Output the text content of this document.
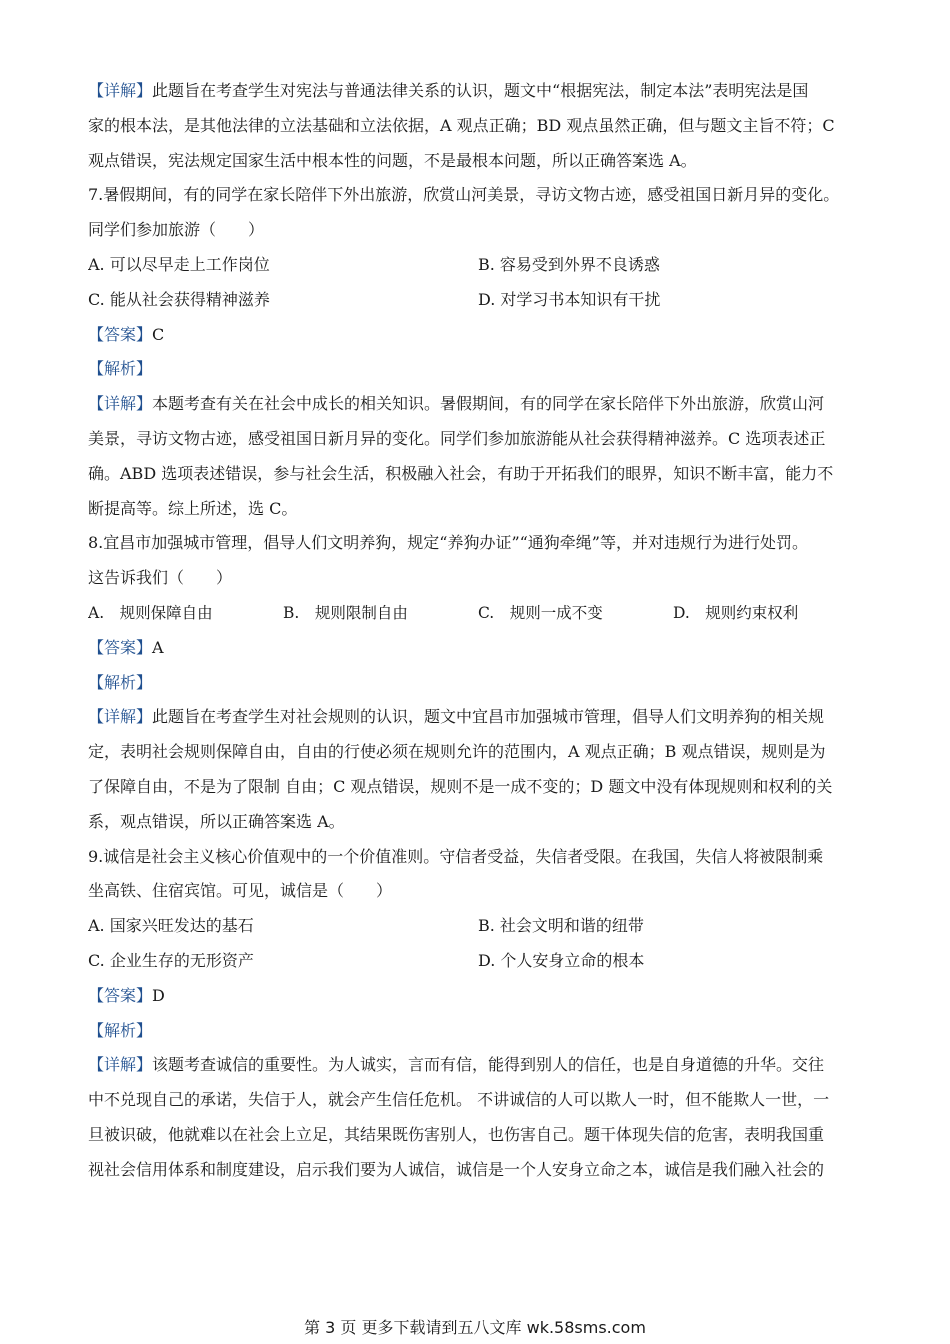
【详解】此题旨在考查学生对宪法与普通法律关系的认识，题文中“根据宪法，制定本法”表明宪法是国
家的根本法，是其他法律的立法基础和立法依据，A 观点正确；BD 观点虽然正确，但与题文主旨不符；C
观点错误，宪法规定国家生活中根本性的问题，不是最根本问题，所以正确答案选 A。
7.暑假期间，有的同学在家长陪伴下外出旅游，欣赏山河美景，寻访文物古迹，感受祖国日新月异的变化。
同学们参加旅游（　　）
A. 可以尽早走上工作岗位	B. 容易受到外界不良诱惑
C. 能从社会获得精神滋养	D. 对学习书本知识有干扰
【答案】C
【解析】
【详解】本题考查有关在社会中成长的相关知识。暑假期间，有的同学在家长陪伴下外出旅游，欣赏山河
美景，寻访文物古迹，感受祖国日新月异的变化。同学们参加旅游能从社会获得精神滋养。C 选项表述正
确。ABD 选项表述错误，参与社会生活，积极融入社会，有助于开拓我们的眼界，知识不断丰富，能力不
断提高等。综上所述，选 C。
8.宜昌市加强城市管理，倡导人们文明养狗，规定“养狗办证”“通狗牵绳”等，并对违规行为进行处罚。
这告诉我们（　　）
A.　规则保障自由	B.　规则限制自由	C.　规则一成不变	D.　规则约束权利
【答案】A
【解析】
【详解】此题旨在考查学生对社会规则的认识，题文中宜昌市加强城市管理，倡导人们文明养狗的相关规
定，表明社会规则保障自由，自由的行使必须在规则允许的范围内，A 观点正确；B 观点错误，规则是为
了保障自由，不是为了限制 自由；C 观点错误，规则不是一成不变的；D 题文中没有体现规则和权利的关
系，观点错误，所以正确答案选 A。
9.诚信是社会主义核心价值观中的一个价值准则。守信者受益，失信者受限。在我国，失信人将被限制乘
坐高铁、住宿宾馆。可见，诚信是（　　）
A. 国家兴旺发达的基石	B. 社会文明和谐的纽带
C. 企业生存的无形资产	D. 个人安身立命的根本
【答案】D
【解析】
【详解】该题考查诚信的重要性。为人诚实，言而有信，能得到别人的信任，也是自身道德的升华。交往
中不兑现自己的承诺，失信于人，就会产生信任危机。 不讲诚信的人可以欺人一时，但不能欺人一世，一
旦被识破，他就难以在社会上立足，其结果既伤害别人，也伤害自己。题干体现失信的危害，表明我国重
视社会信用体系和制度建设，启示我们要为人诚信，诚信是一个人安身立命之本，诚信是我们融入社会的
第 3 页 更多下载请到五八文库 wk.58sms.com
